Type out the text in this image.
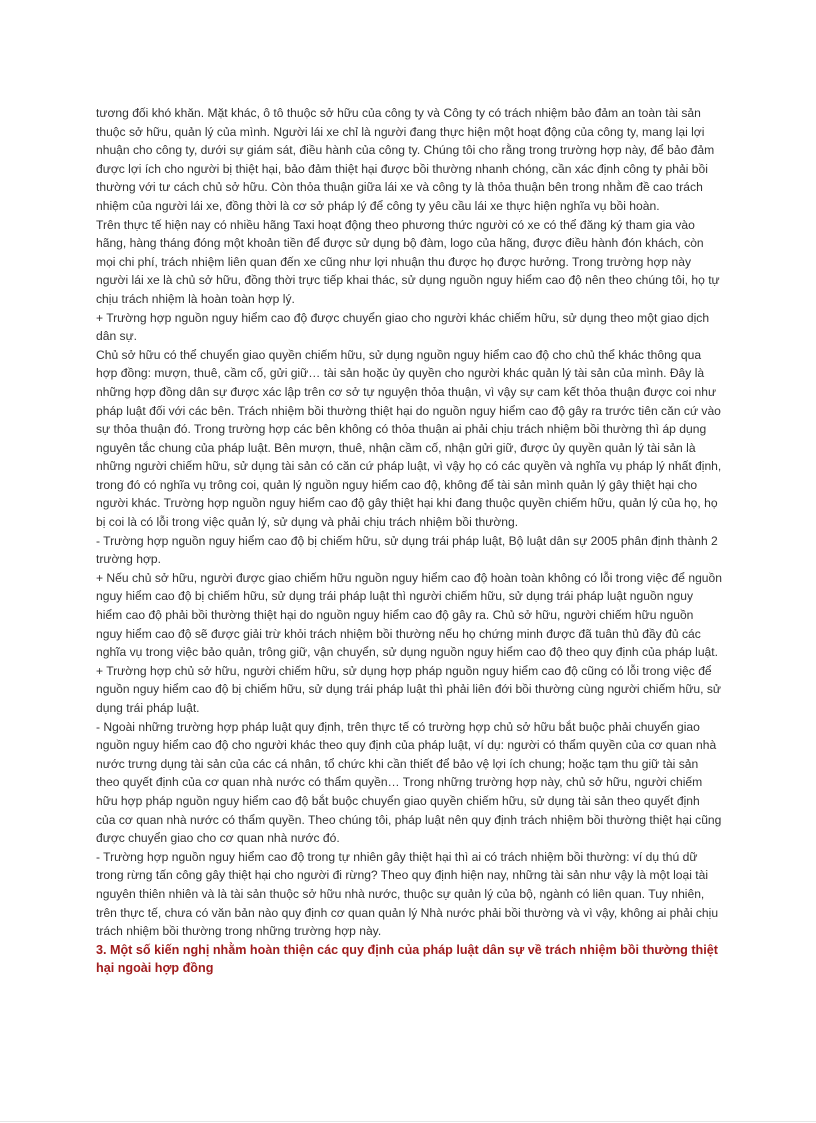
tương đối khó khăn. Mặt khác, ô tô thuộc sở hữu của công ty và Công ty có trách nhiệm bảo đảm an toàn tài sản thuộc sở hữu, quản lý của mình. Người lái xe chỉ là người đang thực hiện một hoạt động của công ty, mang lại lợi nhuận cho công ty, dưới sự giám sát, điều hành của công ty. Chúng tôi cho rằng trong trường hợp này, để bảo đảm được lợi ích cho người bị thiệt hại, bảo đảm thiệt hại được bồi thường nhanh chóng, cần xác định công ty phải bồi thường với tư cách chủ sở hữu. Còn thỏa thuận giữa lái xe và công ty là thỏa thuận bên trong nhằm đề cao trách nhiệm của người lái xe, đồng thời là cơ sở pháp lý để công ty yêu cầu lái xe thực hiện nghĩa vụ bồi hoàn.

Trên thực tế hiện nay có nhiều hãng Taxi hoạt động theo phương thức người có xe có thể đăng ký tham gia vào hãng, hàng tháng đóng một khoản tiền để được sử dụng bộ đàm, logo của hãng, được điều hành đón khách, còn mọi chi phí, trách nhiệm liên quan đến xe cũng như lợi nhuận thu được họ được hưởng. Trong trường hợp này người lái xe là chủ sở hữu, đồng thời trực tiếp khai thác, sử dụng nguồn nguy hiểm cao độ nên theo chúng tôi, họ tự chịu trách nhiệm là hoàn toàn hợp lý.

+ Trường hợp nguồn nguy hiểm cao độ được chuyển giao cho người khác chiếm hữu, sử dụng theo một giao dịch dân sự.

Chủ sở hữu có thể chuyển giao quyền chiếm hữu, sử dụng nguồn nguy hiểm cao độ cho chủ thể khác thông qua hợp đồng: mượn, thuê, cầm cố, gửi giữ… tài sản hoặc ủy quyền cho người khác quản lý tài sản của mình. Đây là những hợp đồng dân sự được xác lập trên cơ sở tự nguyện thỏa thuận, vì vậy sự cam kết thỏa thuận được coi như pháp luật đối với các bên. Trách nhiệm bồi thường thiệt hại do nguồn nguy hiểm cao độ gây ra trước tiên căn cứ vào sự thỏa thuận đó. Trong trường hợp các bên không có thỏa thuận ai phải chịu trách nhiệm bồi thường thì áp dụng nguyên tắc chung của pháp luật. Bên mượn, thuê, nhận cầm cố, nhận gửi giữ, được ủy quyền quản lý tài sản là những người chiếm hữu, sử dụng tài sản có căn cứ pháp luật, vì vậy họ có các quyền và nghĩa vụ pháp lý nhất định, trong đó có nghĩa vụ trông coi, quản lý nguồn nguy hiểm cao độ, không để tài sản mình quản lý gây thiệt hại cho người khác. Trường hợp nguồn nguy hiểm cao độ gây thiệt hại khi đang thuộc quyền chiếm hữu, quản lý của họ, họ bị coi là có lỗi trong việc quản lý, sử dụng và phải chịu trách nhiệm bồi thường.

- Trường hợp nguồn nguy hiểm cao độ bị chiếm hữu, sử dụng trái pháp luật, Bộ luật dân sự 2005 phân định thành 2 trường hợp.

+ Nếu chủ sở hữu, người được giao chiếm hữu nguồn nguy hiểm cao độ hoàn toàn không có lỗi trong việc để nguồn nguy hiểm cao độ bị chiếm hữu, sử dụng trái pháp luật thì người chiếm hữu, sử dụng trái pháp luật nguồn nguy hiểm cao độ phải bồi thường thiệt hại do nguồn nguy hiểm cao độ gây ra. Chủ sở hữu, người chiếm hữu nguồn nguy hiểm cao độ sẽ được giải trừ khỏi trách nhiệm bồi thường nếu họ chứng minh được đã tuân thủ đầy đủ các nghĩa vụ trong việc bảo quản, trông giữ, vận chuyển, sử dụng nguồn nguy hiểm cao độ theo quy định của pháp luật.

+ Trường hợp chủ sở hữu, người chiếm hữu, sử dụng hợp pháp nguồn nguy hiểm cao độ cũng có lỗi trong việc để nguồn nguy hiểm cao độ bị chiếm hữu, sử dụng trái pháp luật thì phải liên đới bồi thường cùng người chiếm hữu, sử dụng trái pháp luật.

- Ngoài những trường hợp pháp luật quy định, trên thực tế có trường hợp chủ sở hữu bắt buộc phải chuyển giao nguồn nguy hiểm cao độ cho người khác theo quy định của pháp luật, ví dụ: người có thẩm quyền của cơ quan nhà nước trưng dụng tài sản của các cá nhân, tổ chức khi cần thiết để bảo vệ lợi ích chung; hoặc tạm thu giữ tài sản theo quyết định của cơ quan nhà nước có thẩm quyền… Trong những trường hợp này, chủ sở hữu, người chiếm hữu hợp pháp nguồn nguy hiểm cao độ bắt buộc chuyển giao quyền chiếm hữu, sử dụng tài sản theo quyết định của cơ quan nhà nước có thẩm quyền. Theo chúng tôi, pháp luật nên quy định trách nhiệm bồi thường thiệt hại cũng được chuyển giao cho cơ quan nhà nước đó.

- Trường hợp nguồn nguy hiểm cao độ trong tự nhiên gây thiệt hại thì ai có trách nhiệm bồi thường: ví dụ thú dữ trong rừng tấn công gây thiệt hại cho người đi rừng? Theo quy định hiện nay, những tài sản như vậy là một loại tài nguyên thiên nhiên và là tài sản thuộc sở hữu nhà nước, thuộc sự quản lý của bộ, ngành có liên quan. Tuy nhiên, trên thực tế, chưa có văn bản nào quy định cơ quan quản lý Nhà nước phải bồi thường và vì vậy, không ai phải chịu trách nhiệm bồi thường trong những trường hợp này.

3. Một số kiến nghị nhằm hoàn thiện các quy định của pháp luật dân sự về trách nhiệm bồi thường thiệt hại ngoài hợp đồng
